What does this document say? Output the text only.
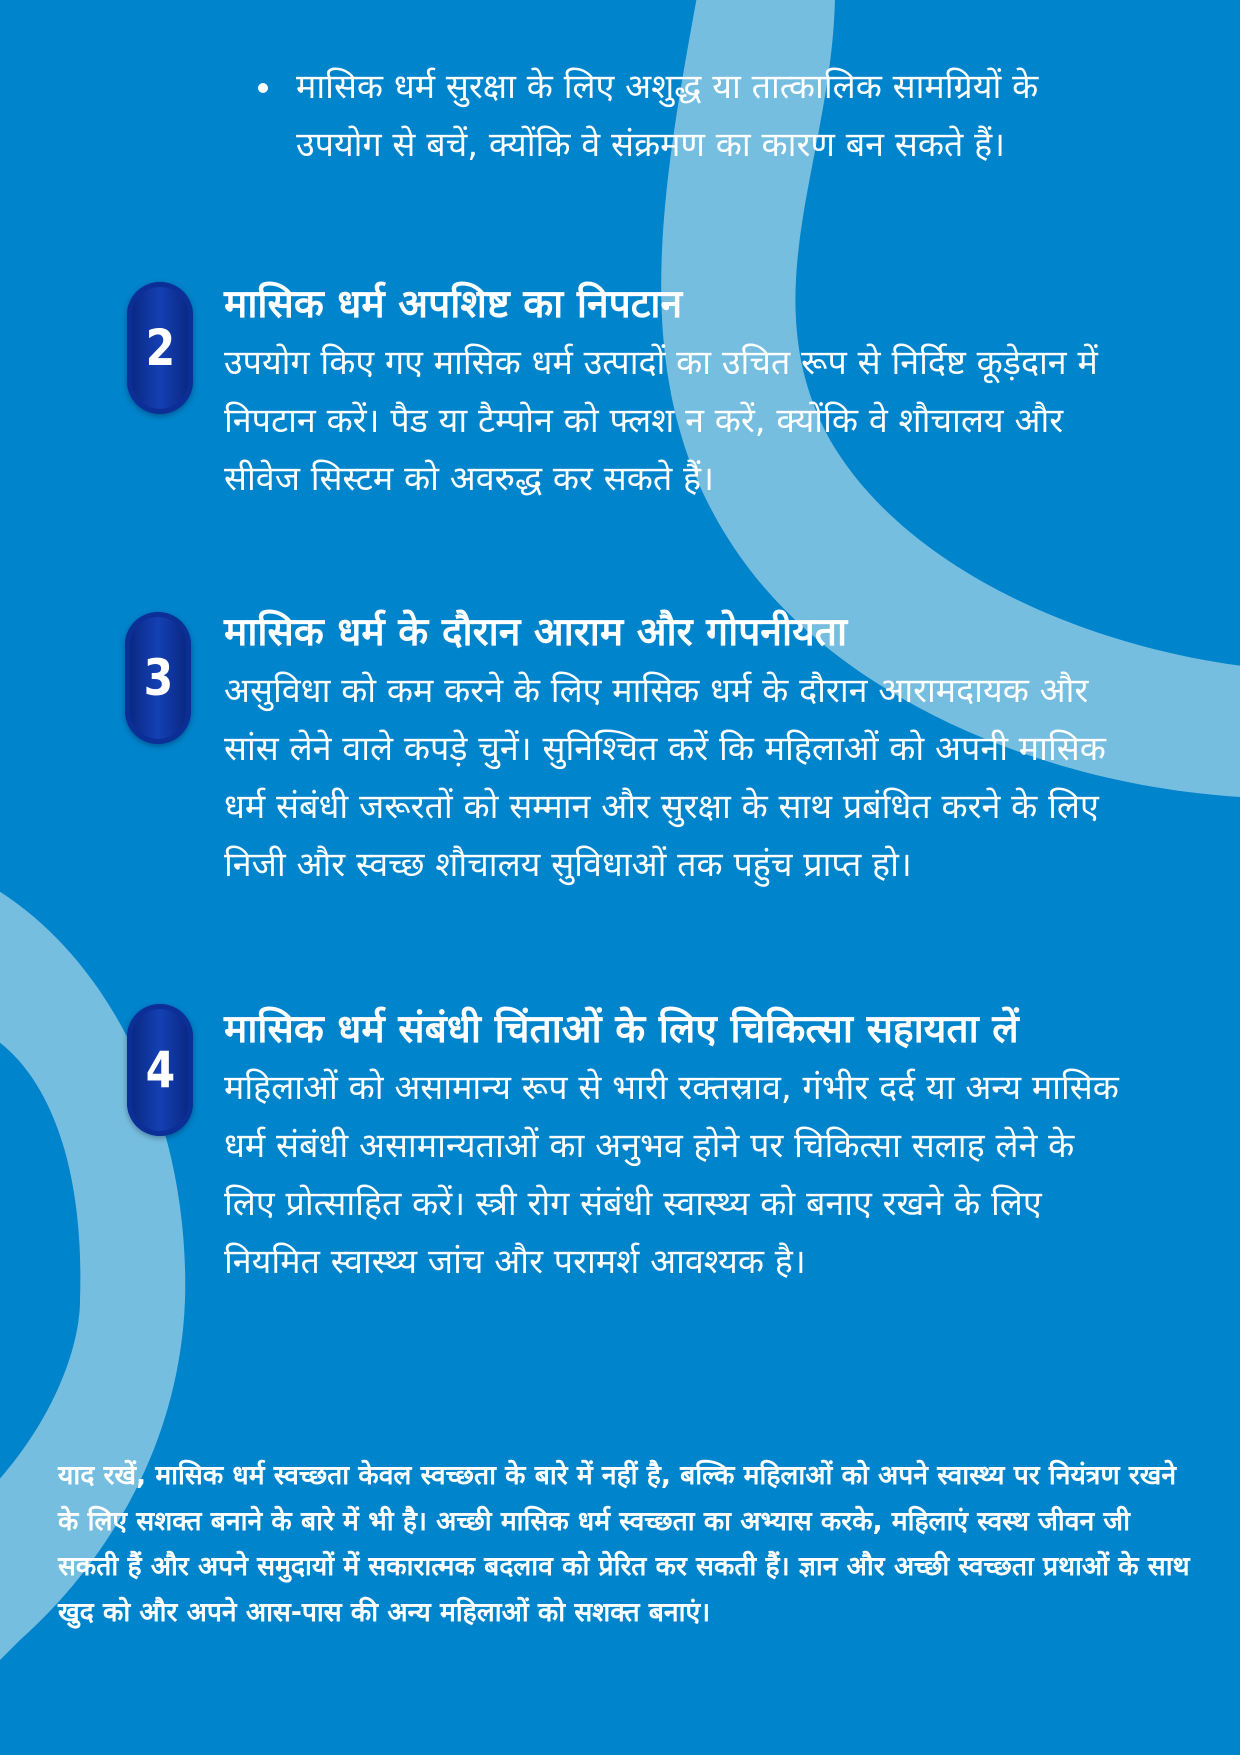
मासिक धर्म सुरक्षा के लिए अशुद्ध या तात्कालिक सामग्रियों के उपयोग से बचें, क्योंकि वे संक्रमण का कारण बन सकते हैं।
2
मासिक धर्म अपशिष्ट का निपटान

उपयोग किए गए मासिक धर्म उत्पादों का उचित रूप से निर्दिष्ट कूड़ेदान में निपटान करें। पैड या टैम्पोन को फ्लश न करें, क्योंकि वे शौचालय और सीवेज सिस्टम को अवरुद्ध कर सकते हैं।

3
मासिक धर्म के दौरान आराम और गोपनीयता

असुविधा को कम करने के लिए मासिक धर्म के दौरान आरामदायक और सांस लेने वाले कपड़े चुनें। सुनिश्चित करें कि महिलाओं को अपनी मासिक धर्म संबंधी जरूरतों को सम्मान और सुरक्षा के साथ प्रबंधित करने के लिए निजी और स्वच्छ शौचालय सुविधाओं तक पहुंच प्राप्त हो।

4
मासिक धर्म संबंधी चिंताओं के लिए चिकित्सा सहायता लें

महिलाओं को असामान्य रूप से भारी रक्तस्राव, गंभीर दर्द या अन्य मासिक धर्म संबंधी असामान्यताओं का अनुभव होने पर चिकित्सा सलाह लेने के लिए प्रोत्साहित करें। स्त्री रोग संबंधी स्वास्थ्य को बनाए रखने के लिए नियमित स्वास्थ्य जांच और परामर्श आवश्यक है।

याद रखें, मासिक धर्म स्वच्छता केवल स्वच्छता के बारे में नहीं है, बल्कि महिलाओं को अपने स्वास्थ्य पर नियंत्रण रखने के लिए सशक्त बनाने के बारे में भी है। अच्छी मासिक धर्म स्वच्छता का अभ्यास करके, महिलाएं स्वस्थ जीवन जी सकती हैं और अपने समुदायों में सकारात्मक बदलाव को प्रेरित कर सकती हैं। ज्ञान और अच्छी स्वच्छता प्रथाओं के साथ खुद को और अपने आस-पास की अन्य महिलाओं को सशक्त बनाएं।
